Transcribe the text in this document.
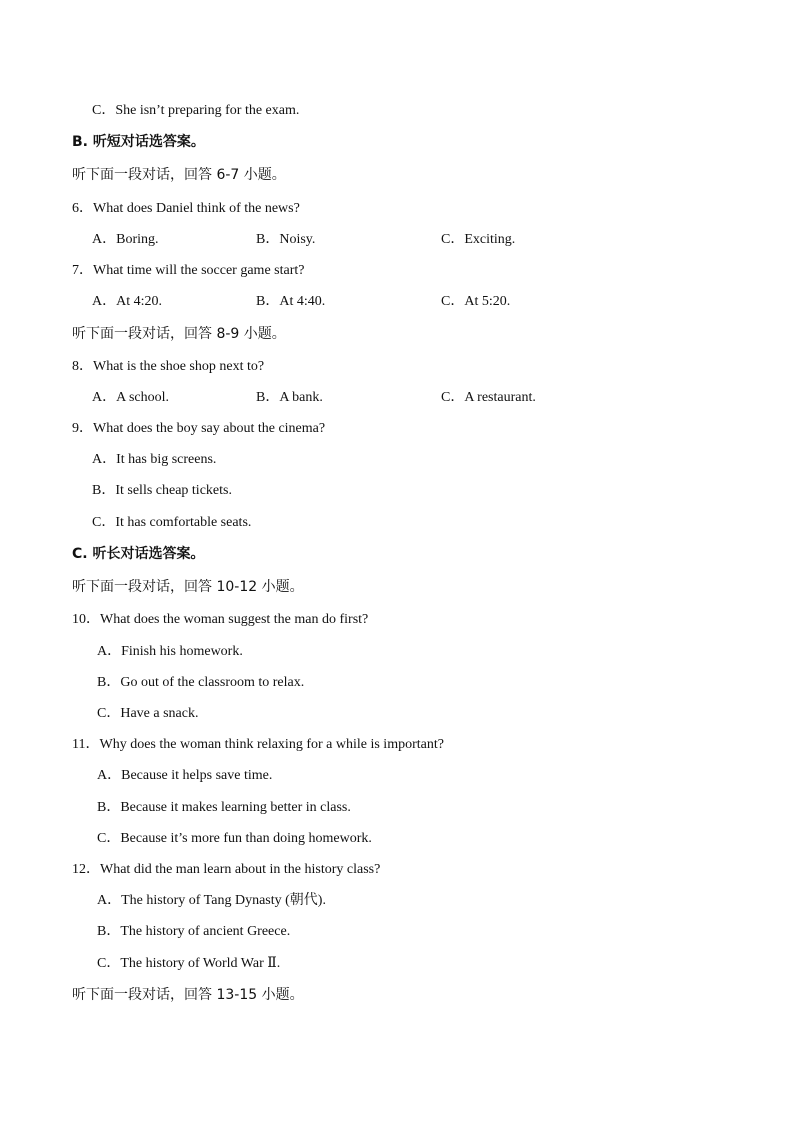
C．She isn’t preparing for the exam.
B. 听短对话选答案。
听下面一段对话，回答 6-7 小题。
6．What does Daniel think of the news?
A．Boring.	B．Noisy.	C．Exciting.
7．What time will the soccer game start?
A．At 4:20.	B．At 4:40.	C．At 5:20.
听下面一段对话，回答 8-9 小题。
8．What is the shoe shop next to?
A．A school.	B．A bank.	C．A restaurant.
9．What does the boy say about the cinema?
A．It has big screens.
B．It sells cheap tickets.
C．It has comfortable seats.
C. 听长对话选答案。
听下面一段对话，回答 10-12 小题。
10．What does the woman suggest the man do first?
A．Finish his homework.
B．Go out of the classroom to relax.
C．Have a snack.
11．Why does the woman think relaxing for a while is important?
A．Because it helps save time.
B．Because it makes learning better in class.
C．Because it’s more fun than doing homework.
12．What did the man learn about in the history class?
A．The history of Tang Dynasty (朝代).
B．The history of ancient Greece.
C．The history of World War Ⅱ.
听下面一段对话，回答 13-15 小题。
